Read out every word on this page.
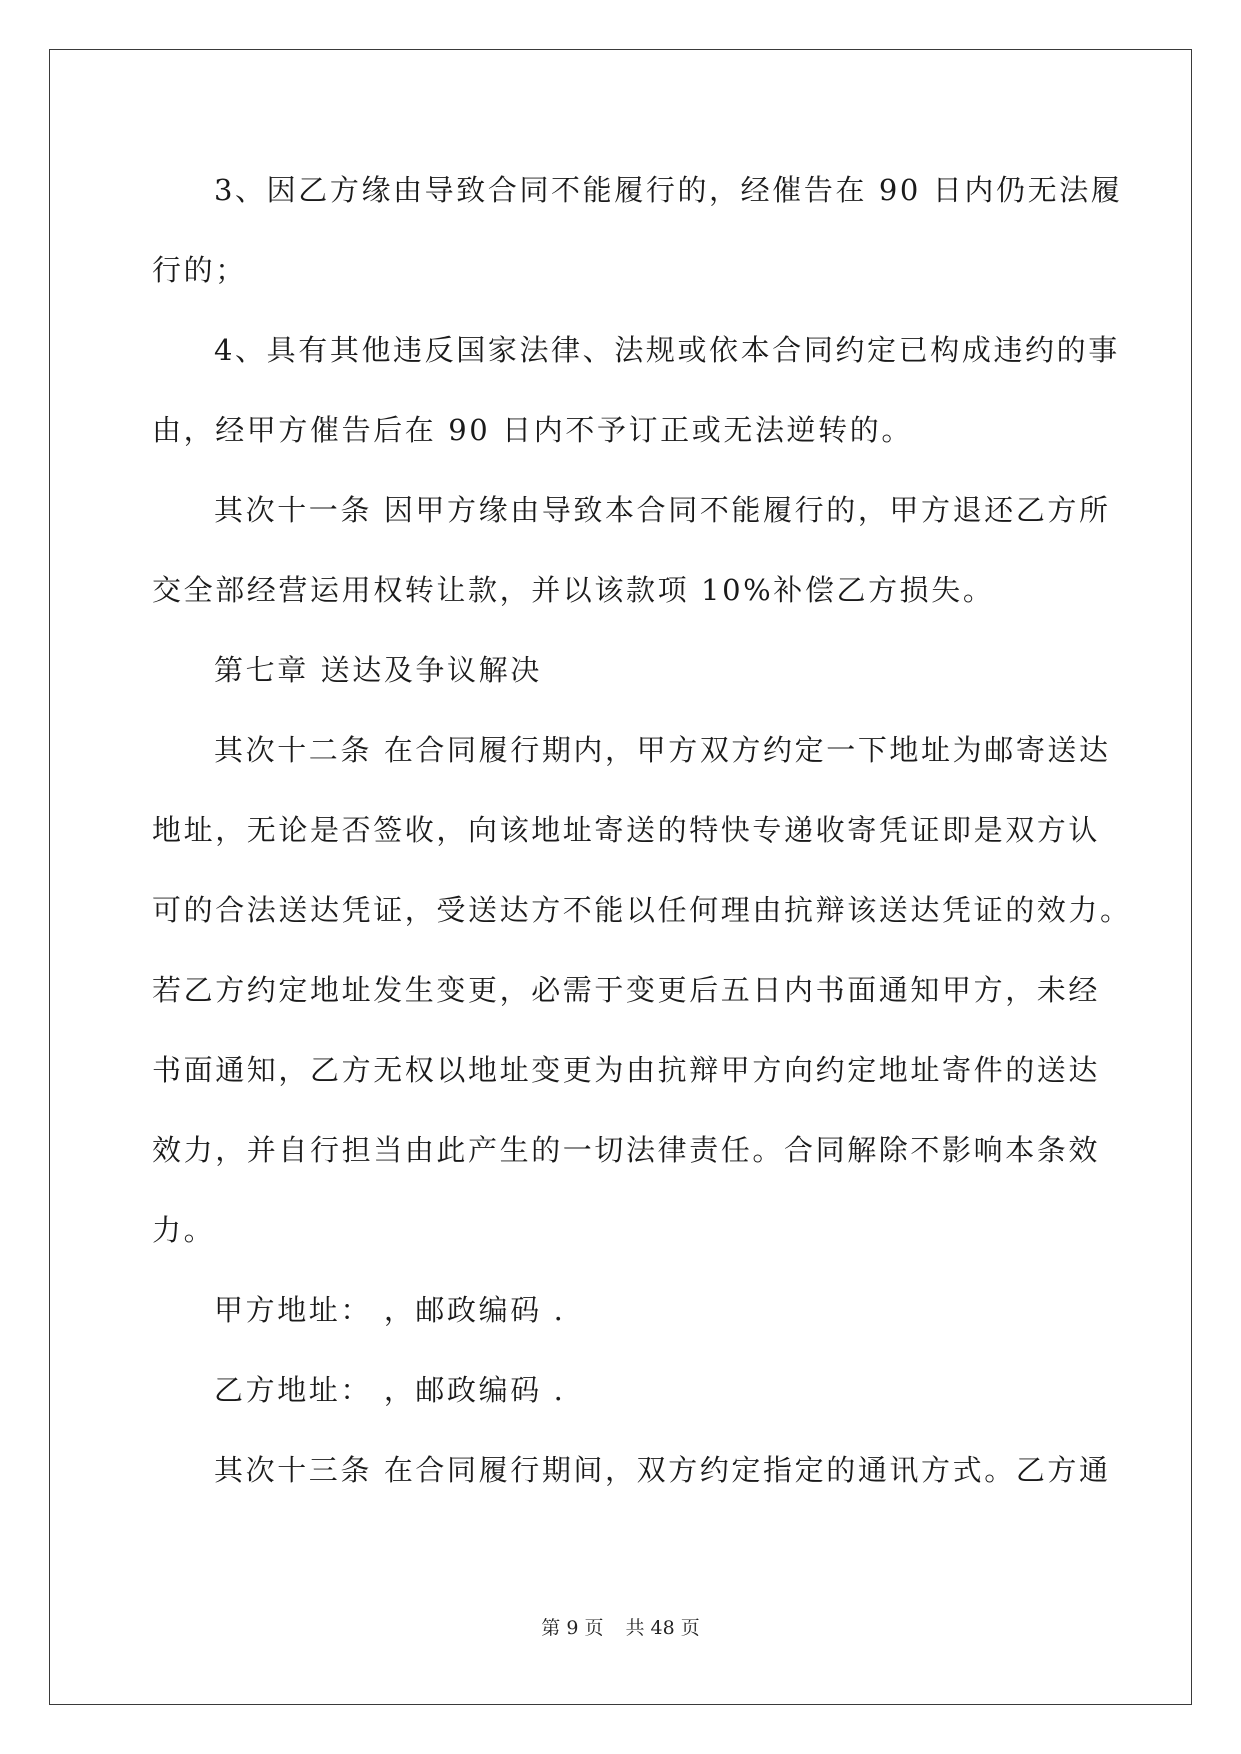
3、因乙方缘由导致合同不能履行的，经催告在 90 日内仍无法履
行的；
4、具有其他违反国家法律、法规或依本合同约定已构成违约的事
由，经甲方催告后在 90 日内不予订正或无法逆转的。
其次十一条 因甲方缘由导致本合同不能履行的，甲方退还乙方所
交全部经营运用权转让款，并以该款项 10%补偿乙方损失。
第七章 送达及争议解决
其次十二条 在合同履行期内，甲方双方约定一下地址为邮寄送达
地址，无论是否签收，向该地址寄送的特快专递收寄凭证即是双方认
可的合法送达凭证，受送达方不能以任何理由抗辩该送达凭证的效力。
若乙方约定地址发生变更，必需于变更后五日内书面通知甲方，未经
书面通知，乙方无权以地址变更为由抗辩甲方向约定地址寄件的送达
效力，并自行担当由此产生的一切法律责任。合同解除不影响本条效
力。
甲方地址： ，邮政编码 .
乙方地址： ，邮政编码 .
其次十三条 在合同履行期间，双方约定指定的通讯方式。乙方通
第 9 页 共 48 页
